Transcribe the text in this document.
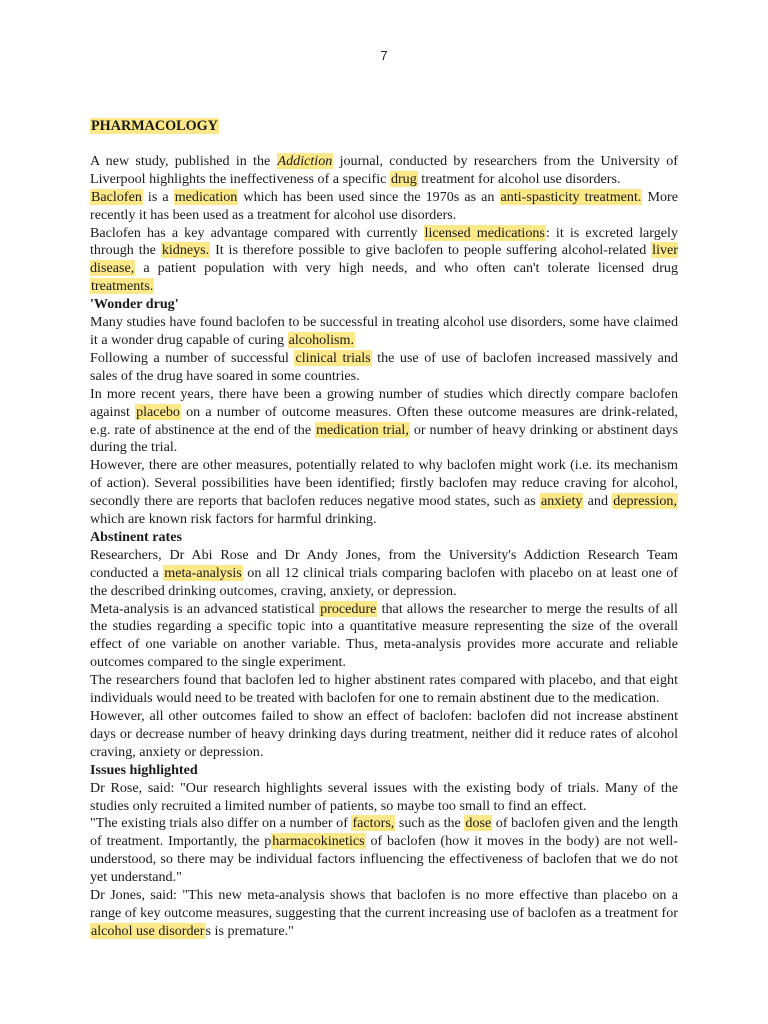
7
PHARMACOLOGY

A new study, published in the Addiction journal, conducted by researchers from the University of Liverpool highlights the ineffectiveness of a specific drug treatment for alcohol use disorders.

Baclofen is a medication which has been used since the 1970s as an anti-spasticity treatment. More recently it has been used as a treatment for alcohol use disorders.

Baclofen has a key advantage compared with currently licensed medications: it is excreted largely through the kidneys. It is therefore possible to give baclofen to people suffering alcohol-related liver disease, a patient population with very high needs, and who often can't tolerate licensed drug treatments.

'Wonder drug'

Many studies have found baclofen to be successful in treating alcohol use disorders, some have claimed it a wonder drug capable of curing alcoholism.

Following a number of successful clinical trials the use of use of baclofen increased massively and sales of the drug have soared in some countries.

In more recent years, there have been a growing number of studies which directly compare baclofen against placebo on a number of outcome measures. Often these outcome measures are drink-related, e.g. rate of abstinence at the end of the medication trial, or number of heavy drinking or abstinent days during the trial.

However, there are other measures, potentially related to why baclofen might work (i.e. its mechanism of action). Several possibilities have been identified; firstly baclofen may reduce craving for alcohol, secondly there are reports that baclofen reduces negative mood states, such as anxiety and depression, which are known risk factors for harmful drinking.

Abstinent rates

Researchers, Dr Abi Rose and Dr Andy Jones, from the University's Addiction Research Team conducted a meta-analysis on all 12 clinical trials comparing baclofen with placebo on at least one of the described drinking outcomes, craving, anxiety, or depression.

Meta-analysis is an advanced statistical procedure that allows the researcher to merge the results of all the studies regarding a specific topic into a quantitative measure representing the size of the overall effect of one variable on another variable. Thus, meta-analysis provides more accurate and reliable outcomes compared to the single experiment.

The researchers found that baclofen led to higher abstinent rates compared with placebo, and that eight individuals would need to be treated with baclofen for one to remain abstinent due to the medication.

However, all other outcomes failed to show an effect of baclofen: baclofen did not increase abstinent days or decrease number of heavy drinking days during treatment, neither did it reduce rates of alcohol craving, anxiety or depression.

Issues highlighted

Dr Rose, said: "Our research highlights several issues with the existing body of trials. Many of the studies only recruited a limited number of patients, so maybe too small to find an effect.

"The existing trials also differ on a number of factors, such as the dose of baclofen given and the length of treatment. Importantly, the pharmacokinetics of baclofen (how it moves in the body) are not well-understood, so there may be individual factors influencing the effectiveness of baclofen that we do not yet understand."

Dr Jones, said: "This new meta-analysis shows that baclofen is no more effective than placebo on a range of key outcome measures, suggesting that the current increasing use of baclofen as a treatment for alcohol use disorders is premature."
